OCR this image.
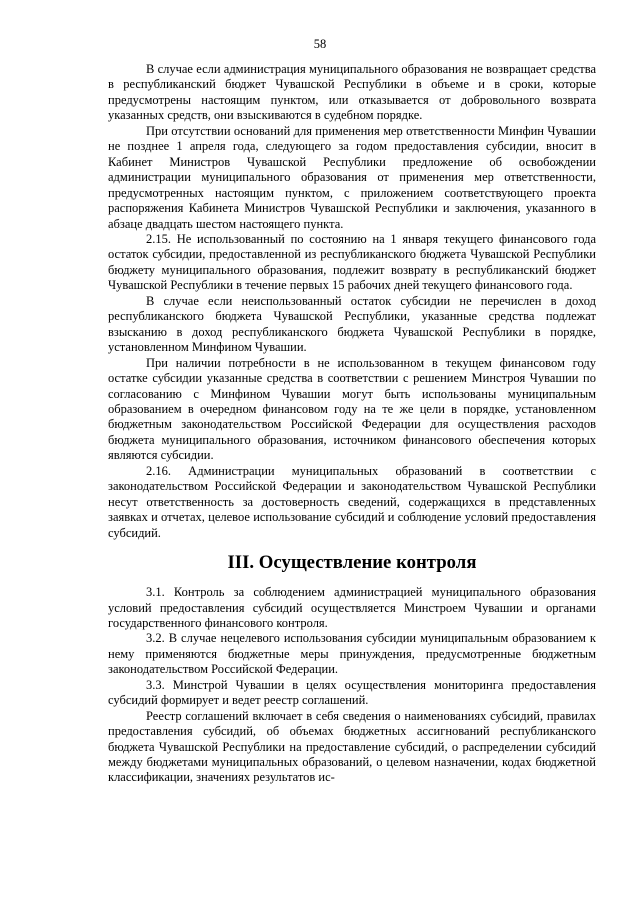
58

В случае если администрация муниципального образования не возвращает средства в республиканский бюджет Чувашской Республики в объеме и в сроки, которые предусмотрены настоящим пунктом, или отказывается от добровольного возврата указанных средств, они взыскиваются в судебном порядке.

При отсутствии оснований для применения мер ответственности Минфин Чувашии не позднее 1 апреля года, следующего за годом предоставления субсидии, вносит в Кабинет Министров Чувашской Республики предложение об освобождении администрации муниципального образования от применения мер ответственности, предусмотренных настоящим пунктом, с приложением соответствующего проекта распоряжения Кабинета Министров Чувашской Республики и заключения, указанного в абзаце двадцать шестом настоящего пункта.

2.15. Не использованный по состоянию на 1 января текущего финансового года остаток субсидии, предоставленной из республиканского бюджета Чувашской Республики бюджету муниципального образования, подлежит возврату в республиканский бюджет Чувашской Республики в течение первых 15 рабочих дней текущего финансового года.

В случае если неиспользованный остаток субсидии не перечислен в доход республиканского бюджета Чувашской Республики, указанные средства подлежат взысканию в доход республиканского бюджета Чувашской Республики в порядке, установленном Минфином Чувашии.

При наличии потребности в не использованном в текущем финансовом году остатке субсидии указанные средства в соответствии с решением Минстроя Чувашии по согласованию с Минфином Чувашии могут быть использованы муниципальным образованием в очередном финансовом году на те же цели в порядке, установленном бюджетным законодательством Российской Федерации для осуществления расходов бюджета муниципального образования, источником финансового обеспечения которых являются субсидии.

2.16. Администрации муниципальных образований в соответствии с законодательством Российской Федерации и законодательством Чувашской Республики несут ответственность за достоверность сведений, содержащихся в представленных заявках и отчетах, целевое использование субсидий и соблюдение условий предоставления субсидий.

III. Осуществление контроля

3.1. Контроль за соблюдением администрацией муниципального образования условий предоставления субсидий осуществляется Минстроем Чувашии и органами государственного финансового контроля.

3.2. В случае нецелевого использования субсидии муниципальным образованием к нему применяются бюджетные меры принуждения, предусмотренные бюджетным законодательством Российской Федерации.

3.3. Минстрой Чувашии в целях осуществления мониторинга предоставления субсидий формирует и ведет реестр соглашений.

Реестр соглашений включает в себя сведения о наименованиях субсидий, правилах предоставления субсидий, об объемах бюджетных ассигнований республиканского бюджета Чувашской Республики на предоставление субсидий, о распределении субсидий между бюджетами муниципальных образований, о целевом назначении, кодах бюджетной классификации, значениях результатов ис-
